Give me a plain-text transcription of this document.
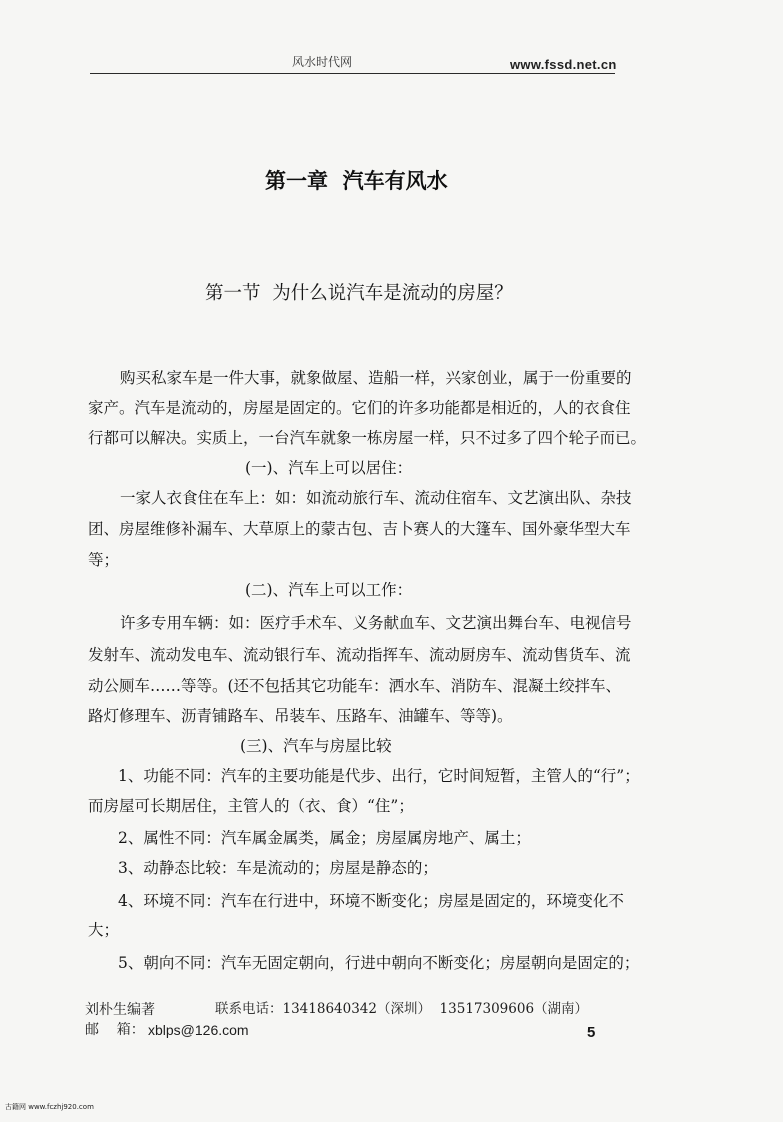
风水时代网	www.fssd.net.cn
第一章  汽车有风水
第一节  为什么说汽车是流动的房屋？
购买私家车是一件大事，就象做屋、造船一样，兴家创业，属于一份重要的
家产。汽车是流动的，房屋是固定的。它们的许多功能都是相近的，人的衣食住
行都可以解决。实质上，一台汽车就象一栋房屋一样，只不过多了四个轮子而已。
(一)、汽车上可以居住：
一家人衣食住在车上：如：如流动旅行车、流动住宿车、文艺演出队、杂技
团、房屋维修补漏车、大草原上的蒙古包、吉卜赛人的大篷车、国外豪华型大车
等；
(二)、汽车上可以工作：
许多专用车辆：如：医疗手术车、义务献血车、文艺演出舞台车、电视信号
发射车、流动发电车、流动银行车、流动指挥车、流动厨房车、流动售货车、流
动公厕车……等等。(还不包括其它功能车：洒水车、消防车、混凝土绞拌车、
路灯修理车、沥青铺路车、吊装车、压路车、油罐车、等等)。
(三)、汽车与房屋比较
1、功能不同：汽车的主要功能是代步、出行，它时间短暂，主管人的“行”；
而房屋可长期居住，主管人的（衣、食）“住”；
2、属性不同：汽车属金属类，属金；房屋属房地产、属土；
3、动静态比较：车是流动的；房屋是静态的；
4、环境不同：汽车在行进中，环境不断变化；房屋是固定的，环境变化不
大；
5、朝向不同：汽车无固定朝向，行进中朝向不断变化；房屋朝向是固定的；
刘朴生编著	联系电话：13418640342（深圳）  13517309606（湖南）
邮    箱： xblps@126.com	5
古籍网 www.fczhj920.com
